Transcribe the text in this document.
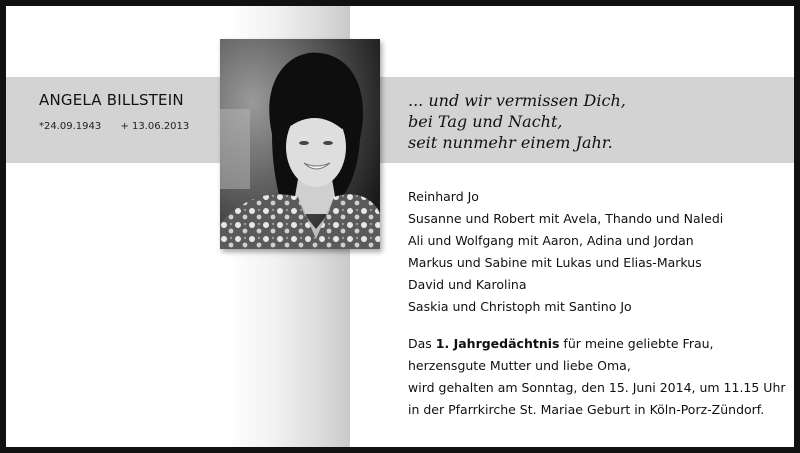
ANGELA BILLSTEIN
*24.09.1943 + 13.06.2013
... und wir vermissen Dich,
bei Tag und Nacht,
seit nunmehr einem Jahr.
Reinhard Jo
Susanne und Robert mit Avela, Thando und Naledi
Ali und Wolfgang mit Aaron, Adina und Jordan
Markus und Sabine mit Lukas und Elias-Markus
David und Karolina
Saskia und Christoph mit Santino Jo
Das 1. Jahrgedächtnis für meine geliebte Frau,
herzensgute Mutter und liebe Oma,
wird gehalten am Sonntag, den 15. Juni 2014, um 11.15 Uhr
in der Pfarrkirche St. Mariae Geburt in Köln-Porz-Zündorf.
